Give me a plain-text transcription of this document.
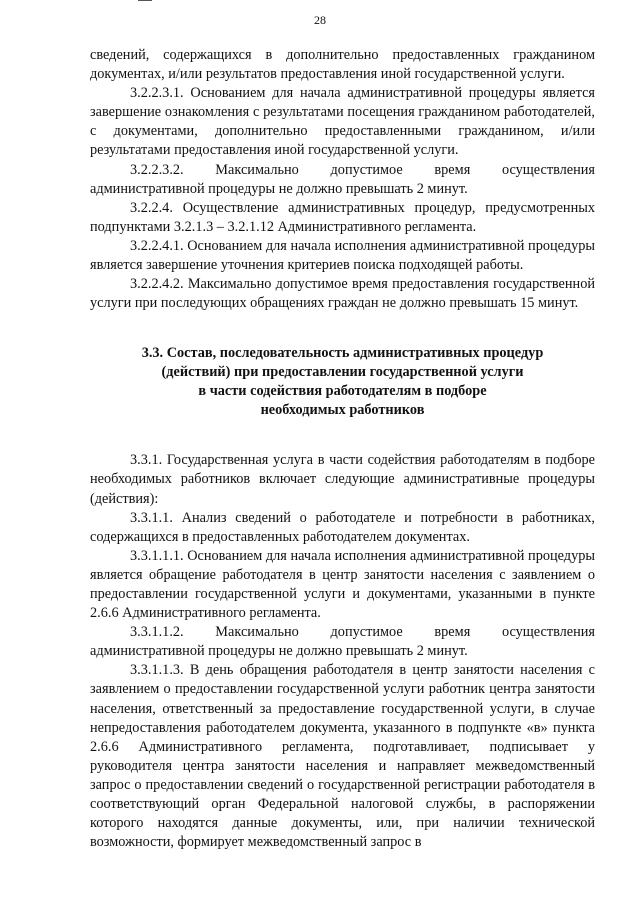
28

сведений, содержащихся в дополнительно предоставленных гражданином документах, и/или результатов предоставления иной государственной услуги.

3.2.2.3.1. Основанием для начала административной процедуры является завершение ознакомления с результатами посещения гражданином работодателей, с документами, дополнительно предоставленными гражданином, и/или результатами предоставления иной государственной услуги.

3.2.2.3.2. Максимально допустимое время осуществления административной процедуры не должно превышать 2 минут.

3.2.2.4. Осуществление административных процедур, предусмотренных подпунктами 3.2.1.3 – 3.2.1.12 Административного регламента.

3.2.2.4.1. Основанием для начала исполнения административной процедуры является завершение уточнения критериев поиска подходящей работы.

3.2.2.4.2. Максимально допустимое время предоставления государственной услуги при последующих обращениях граждан не должно превышать 15 минут.

3.3. Состав, последовательность административных процедур
(действий) при предоставлении государственной услуги
в части содействия работодателям в подборе
необходимых работников

3.3.1. Государственная услуга в части содействия работодателям в подборе необходимых работников включает следующие административные процедуры (действия):

3.3.1.1. Анализ сведений о работодателе и потребности в работниках, содержащихся в предоставленных работодателем документах.

3.3.1.1.1. Основанием для начала исполнения административной процедуры является обращение работодателя в центр занятости населения с заявлением о предоставлении государственной услуги и документами, указанными в пункте 2.6.6 Административного регламента.

3.3.1.1.2. Максимально допустимое время осуществления административной процедуры не должно превышать 2 минут.

3.3.1.1.3. В день обращения работодателя в центр занятости населения с заявлением о предоставлении государственной услуги работник центра занятости населения, ответственный за предоставление государственной услуги, в случае непредоставления работодателем документа, указанного в подпункте «в» пункта 2.6.6 Административного регламента, подготавливает, подписывает у руководителя центра занятости населения и направляет межведомственный запрос о предоставлении сведений о государственной регистрации работодателя в соответствующий орган Федеральной налоговой службы, в распоряжении которого находятся данные документы, или, при наличии технической возможности, формирует межведомственный запрос в
